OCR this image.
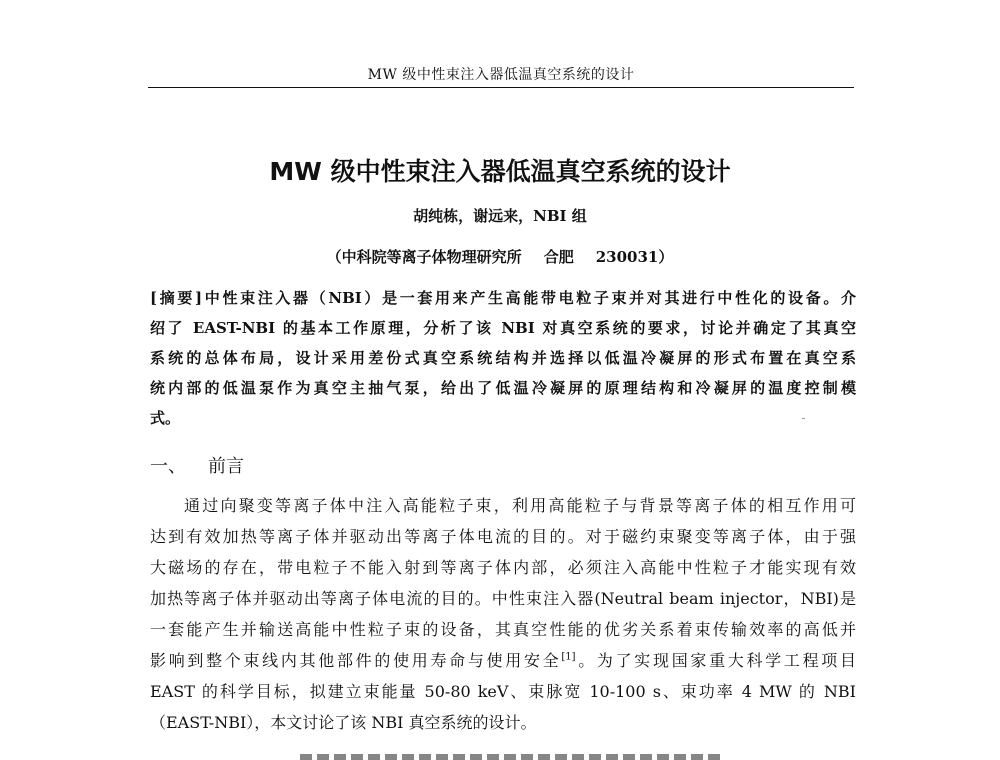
MW 级中性束注入器低温真空系统的设计
MW 级中性束注入器低温真空系统的设计
胡纯栋，谢远来，NBI 组
（中科院等离子体物理研究所 合肥 230031）
[摘要]中性束注入器（NBI）是一套用来产生高能带电粒子束并对其进行中性化的设备。介
绍了 EAST-NBI 的基本工作原理，分析了该 NBI 对真空系统的要求，讨论并确定了其真空
系统的总体布局，设计采用差份式真空系统结构并选择以低温冷凝屏的形式布置在真空系
统内部的低温泵作为真空主抽气泵，给出了低温冷凝屏的原理结构和冷凝屏的温度控制模
式。
一、 前言
通过向聚变等离子体中注入高能粒子束，利用高能粒子与背景等离子体的相互作用可
达到有效加热等离子体并驱动出等离子体电流的目的。对于磁约束聚变等离子体，由于强
大磁场的存在，带电粒子不能入射到等离子体内部，必须注入高能中性粒子才能实现有效
加热等离子体并驱动出等离子体电流的目的。中性束注入器(Neutral beam injector，NBI)是
一套能产生并输送高能中性粒子束的设备，其真空性能的优劣关系着束传输效率的高低并
影响到整个束线内其他部件的使用寿命与使用安全[1]。为了实现国家重大科学工程项目
EAST 的科学目标，拟建立束能量 50-80 keV、束脉宽 10-100 s、束功率 4 MW 的 NBI
（EAST-NBI），本文讨论了该 NBI 真空系统的设计。
